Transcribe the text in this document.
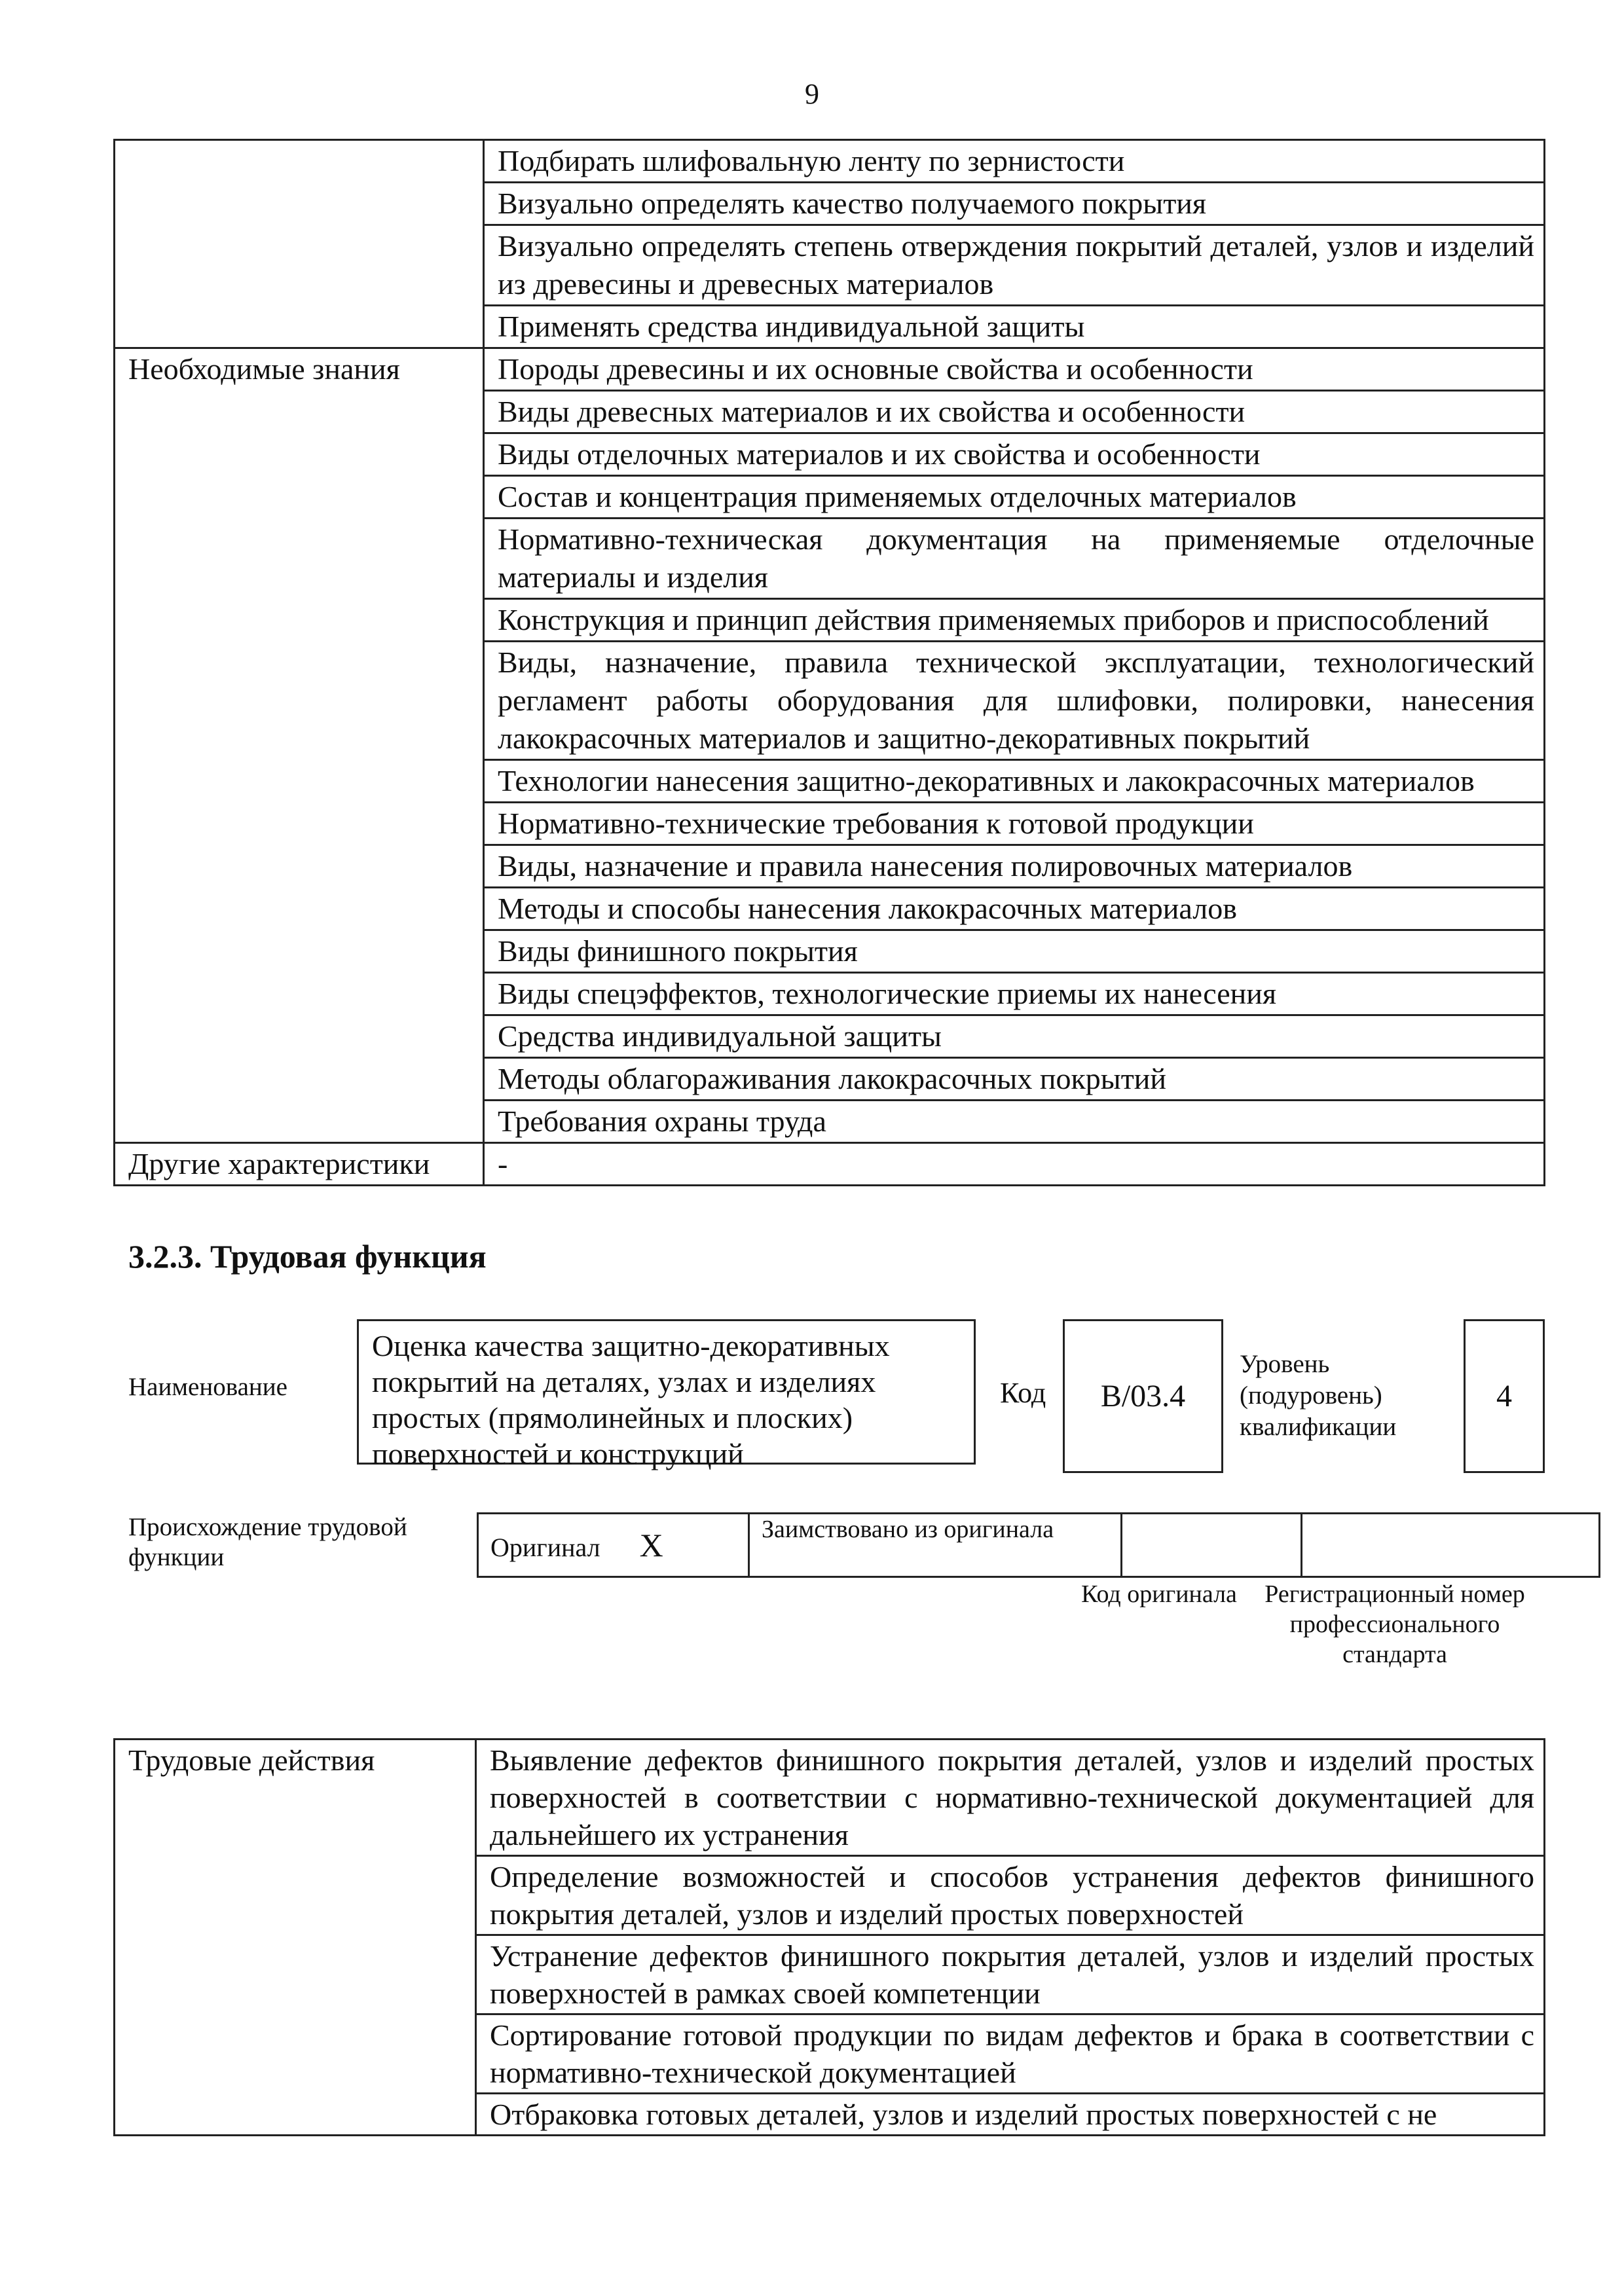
9
	Подбирать шлифовальную ленту по зернистости
	Визуально определять качество получаемого покрытия
	Визуально определять степень отверждения покрытий деталей, узлов и изделий из древесины и древесных материалов
	Применять средства индивидуальной защиты
Необходимые знания	Породы древесины и их основные свойства и особенности
	Виды древесных материалов и их свойства и особенности
	Виды отделочных материалов и их свойства и особенности
	Состав и концентрация применяемых отделочных материалов
	Нормативно-техническая документация на применяемые отделочные материалы и изделия
	Конструкция и принцип действия применяемых приборов и приспособлений
	Виды, назначение, правила технической эксплуатации, технологический регламент работы оборудования для шлифовки, полировки, нанесения лакокрасочных материалов и защитно-декоративных покрытий
	Технологии нанесения защитно-декоративных и лакокрасочных материалов
	Нормативно-технические требования к готовой продукции
	Виды, назначение и правила нанесения полировочных материалов
	Методы и способы нанесения лакокрасочных материалов
	Виды финишного покрытия
	Виды спецэффектов, технологические приемы их нанесения
	Средства индивидуальной защиты
	Методы облагораживания лакокрасочных покрытий
	Требования охраны труда
Другие характеристики	-
3.2.3. Трудовая функция
Наименование
Оценка качества защитно-декоративных покрытий на деталях, узлах и изделиях простых (прямолинейных и плоских) поверхностей и конструкций
Код В/03.4
Уровень (подуровень) квалификации
4
Происхождение трудовой функции	Оригинал X	Заимствовано из оригинала		
Код оригинала	Регистрационный номер профессионального стандарта
Трудовые действия	Выявление дефектов финишного покрытия деталей, узлов и изделий простых поверхностей в соответствии с нормативно-технической документацией для дальнейшего их устранения
Определение возможностей и способов устранения дефектов финишного покрытия деталей, узлов и изделий простых поверхностей
Устранение дефектов финишного покрытия деталей, узлов и изделий простых поверхностей в рамках своей компетенции
Сортирование готовой продукции по видам дефектов и брака в соответствии с нормативно-технической документацией
Отбраковка готовых деталей, узлов и изделий простых поверхностей с не
